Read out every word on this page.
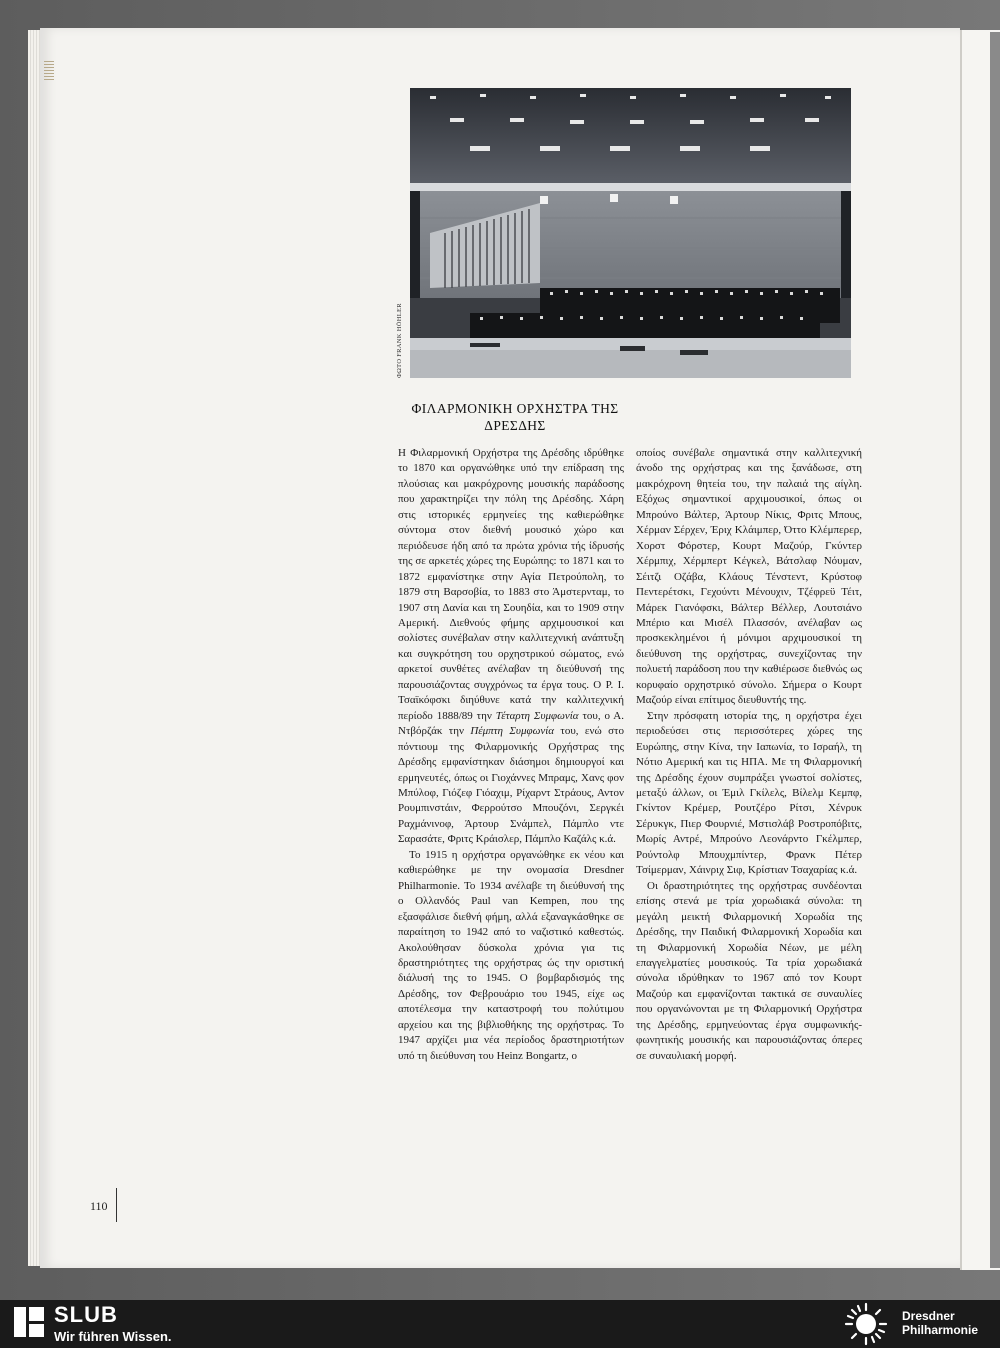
ΦΩΤΟ FRANK HÖHLER
ΦΙΛΑΡΜΟΝΙΚΗ ΟΡΧΗΣΤΡΑ ΤΗΣ ΔΡΕΣΔΗΣ

Η Φιλαρμονική Ορχήστρα της Δρέσδης ιδρύθηκε το 1870 και οργανώθηκε υπό την επίδραση της πλούσιας και μακρόχρονης μουσικής παράδοσης που χαρακτηρίζει την πόλη της Δρέσδης. Χάρη στις ιστορικές ερμηνείες της καθιερώθηκε σύντομα στον διεθνή μουσικό χώρο και περιόδευσε ήδη από τα πρώτα χρόνια τής ίδρυσής της σε αρκετές χώρες της Ευρώπης: το 1871 και το 1872 εμφανίστηκε στην Αγία Πετρούπολη, το 1879 στη Βαρσοβία, το 1883 στο Άμστερνταμ, το 1907 στη Δανία και τη Σουηδία, και το 1909 στην Αμερική. Διεθνούς φήμης αρχιμουσικοί και σολίστες συνέβαλαν στην καλλιτεχνική ανάπτυξη και συγκρότηση του ορχηστρικού σώματος, ενώ αρκετοί συνθέτες ανέλαβαν τη διεύθυνσή της παρουσιάζοντας συγχρόνως τα έργα τους. Ο Ρ. Ι. Τσαϊκόφσκι διηύθυνε κατά την καλλιτεχνική περίοδο 1888/89 την Τέταρτη Συμφωνία του, ο Α. Ντβόρζάκ την Πέμπτη Συμφωνία του, ενώ στο πόντιουμ της Φιλαρμονικής Ορχήστρας της Δρέσδης εμφανίστηκαν διάσημοι δημιουργοί και ερμηνευτές, όπως οι Γιοχάννες Μπραμς, Χανς φον Μπύλοφ, Γιόζεφ Γιόαχιμ, Ρίχαρντ Στράους, Αντον Ρουμπινστάιν, Φερρούτσο Μπουζόνι, Σεργκέι Ραχμάνινοφ, Άρτουρ Σνάμπελ, Πάμπλο ντε Σαρασάτε, Φριτς Κράισλερ, Πάμπλο Καζάλς κ.ά.

Το 1915 η ορχήστρα οργανώθηκε εκ νέου και καθιερώθηκε με την ονομασία Dresdner Philharmonie. Το 1934 ανέλαβε τη διεύθυνσή της ο Ολλανδός Paul van Kempen, που της εξασφάλισε διεθνή φήμη, αλλά εξαναγκάσθηκε σε παραίτηση το 1942 από το ναζιστικό καθεστώς. Ακολούθησαν δύσκολα χρόνια για τις δραστηριότητες της ορχήστρας ώς την οριστική διάλυσή της το 1945. Ο βομβαρδισμός της Δρέσδης, τον Φεβρουάριο του 1945, είχε ως αποτέλεσμα την καταστροφή του πολύτιμου αρχείου και της βιβλιοθήκης της ορχήστρας. Το 1947 αρχίζει μια νέα περίοδος δραστηριοτήτων υπό τη διεύθυνση του Heinz Bongartz, ο

οποίος συνέβαλε σημαντικά στην καλλιτεχνική άνοδο της ορχήστρας και της ξανάδωσε, στη μακρόχρονη θητεία του, την παλαιά της αίγλη. Εξόχως σημαντικοί αρχιμουσικοί, όπως οι Μπρούνο Βάλτερ, Άρτουρ Νίκις, Φριτς Μπους, Χέρμαν Σέρχεν, Έριχ Κλάιμπερ, Όττο Κλέμπερερ, Χορστ Φόρστερ, Κουρτ Μαζούρ, Γκύντερ Χέρμπιχ, Χέρμπερτ Κέγκελ, Βάτσλαφ Νόυμαν, Σέιτζι Οζάβα, Κλάους Τένστεντ, Κρύστοφ Πεντερέτσκι, Γεχούντι Μένουχιν, Τζέφρεϋ Τέιτ, Μάρεκ Γιανόφσκι, Βάλτερ Βέλλερ, Λουτσιάνο Μπέριο και Μισέλ Πλασσόν, ανέλαβαν ως προσκεκλημένοι ή μόνιμοι αρχιμουσικοί τη διεύθυνση της ορχήστρας, συνεχίζοντας την πολυετή παράδοση που την καθιέρωσε διεθνώς ως κορυφαίο ορχηστρικό σύνολο. Σήμερα ο Κουρτ Μαζούρ είναι επίτιμος διευθυντής της.

Στην πρόσφατη ιστορία της, η ορχήστρα έχει περιοδεύσει στις περισσότερες χώρες της Ευρώπης, στην Κίνα, την Ιαπωνία, το Ισραήλ, τη Νότιο Αμερική και τις ΗΠΑ. Με τη Φιλαρμονική της Δρέσδης έχουν συμπράξει γνωστοί σολίστες, μεταξύ άλλων, οι Έμιλ Γκίλελς, Βίλελμ Κεμπφ, Γκίντον Κρέμερ, Ρουτζέρο Ρίτσι, Χένρυκ Σέρυκγκ, Πιερ Φουρνιέ, Μστισλάβ Ροστροπόβιτς, Μωρίς Αντρέ, Μπρούνο Λεονάρντο Γκέλμπερ, Ρούντολφ Μπουχμπίντερ, Φρανκ Πέτερ Τσίμερμαν, Χάινριχ Σιφ, Κρίστιαν Τσαχαρίας κ.ά.

Οι δραστηριότητες της ορχήστρας συνδέονται επίσης στενά με τρία χορωδιακά σύνολα: τη μεγάλη μεικτή Φιλαρμονική Χορωδία της Δρέσδης, την Παιδική Φιλαρμονική Χορωδία και τη Φιλαρμονική Χορωδία Νέων, με μέλη επαγγελματίες μουσικούς. Τα τρία χορωδιακά σύνολα ιδρύθηκαν το 1967 από τον Κουρτ Μαζούρ και εμφανίζονται τακτικά σε συναυλίες που οργανώνονται με τη Φιλαρμονική Ορχήστρα της Δρέσδης, ερμηνεύοντας έργα συμφωνικής-φωνητικής μουσικής και παρουσιάζοντας όπερες σε συναυλιακή μορφή.

110
SLUB
Wir führen Wissen.
Dresdner
Philharmonie
